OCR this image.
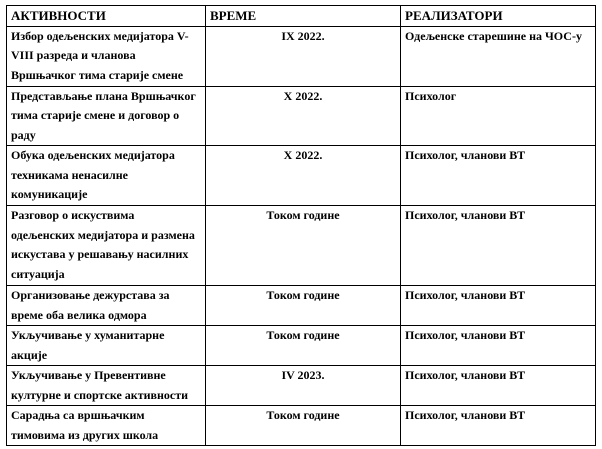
АКТИВНОСТИ	ВРЕМЕ	РЕАЛИЗАТОРИ
Избор одељенских медијатора V-VIII разреда и чланова Вршњачког тима старије смене	IX 2022.	Одељенске старешине на ЧОС-у
Представљање плана Вршњачког тима старије смене и договор о раду	X 2022.	Психолог
Обука одељенских медијатора техникама ненасилне комуникације	X 2022.	Психолог, чланови ВТ
Разговор о искуствима одељенских медијатора и размена искустава у решавању насилних ситуација	Током године	Психолог, чланови ВТ
Организовање дежурстава за време оба велика одмора	Током године	Психолог, чланови ВТ
Укључивање у хуманитарне акције	Током године	Психолог, чланови ВТ
Укључивање у Превентивне културне и спортске активности	IV 2023.	Психолог, чланови ВТ
Сарадња са вршњачким тимовима из других школа	Током године	Психолог, чланови ВТ
